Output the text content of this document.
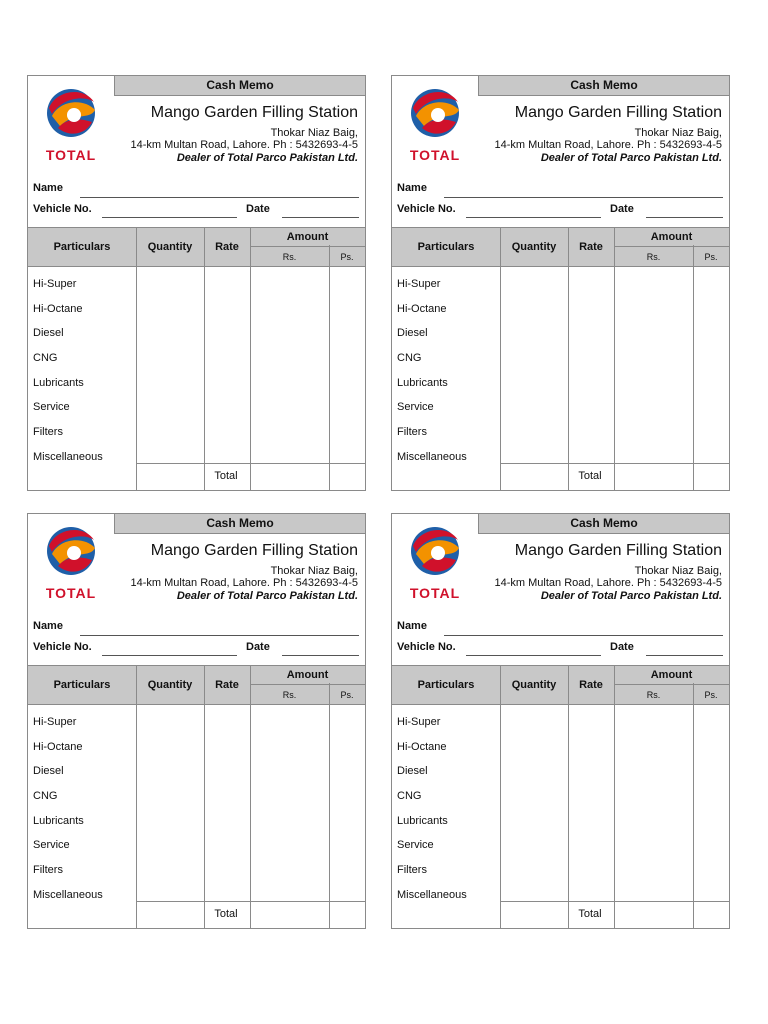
Cash Memo
TOTAL
Mango Garden Filling Station
Thokar Niaz Baig,
14-km Multan Road, Lahore. Ph : 5432693-4-5
Dealer of Total Parco Pakistan Ltd.
Name
Vehicle No.	Date
Particulars	Quantity	Rate
Amount
Rs.	Ps.
Hi-Super
Hi-Octane
Diesel
CNG
Lubricants
Service
Filters
Miscellaneous
Total
Cash Memo
TOTAL
Mango Garden Filling Station
Thokar Niaz Baig,
14-km Multan Road, Lahore. Ph : 5432693-4-5
Dealer of Total Parco Pakistan Ltd.
Name
Vehicle No.	Date
Particulars	Quantity	Rate
Amount
Rs.	Ps.
Hi-Super
Hi-Octane
Diesel
CNG
Lubricants
Service
Filters
Miscellaneous
Total
Cash Memo
TOTAL
Mango Garden Filling Station
Thokar Niaz Baig,
14-km Multan Road, Lahore. Ph : 5432693-4-5
Dealer of Total Parco Pakistan Ltd.
Name
Vehicle No.	Date
Particulars	Quantity	Rate
Amount
Rs.	Ps.
Hi-Super
Hi-Octane
Diesel
CNG
Lubricants
Service
Filters
Miscellaneous
Total
Cash Memo
TOTAL
Mango Garden Filling Station
Thokar Niaz Baig,
14-km Multan Road, Lahore. Ph : 5432693-4-5
Dealer of Total Parco Pakistan Ltd.
Name
Vehicle No.	Date
Particulars	Quantity	Rate
Amount
Rs.	Ps.
Hi-Super
Hi-Octane
Diesel
CNG
Lubricants
Service
Filters
Miscellaneous
Total
